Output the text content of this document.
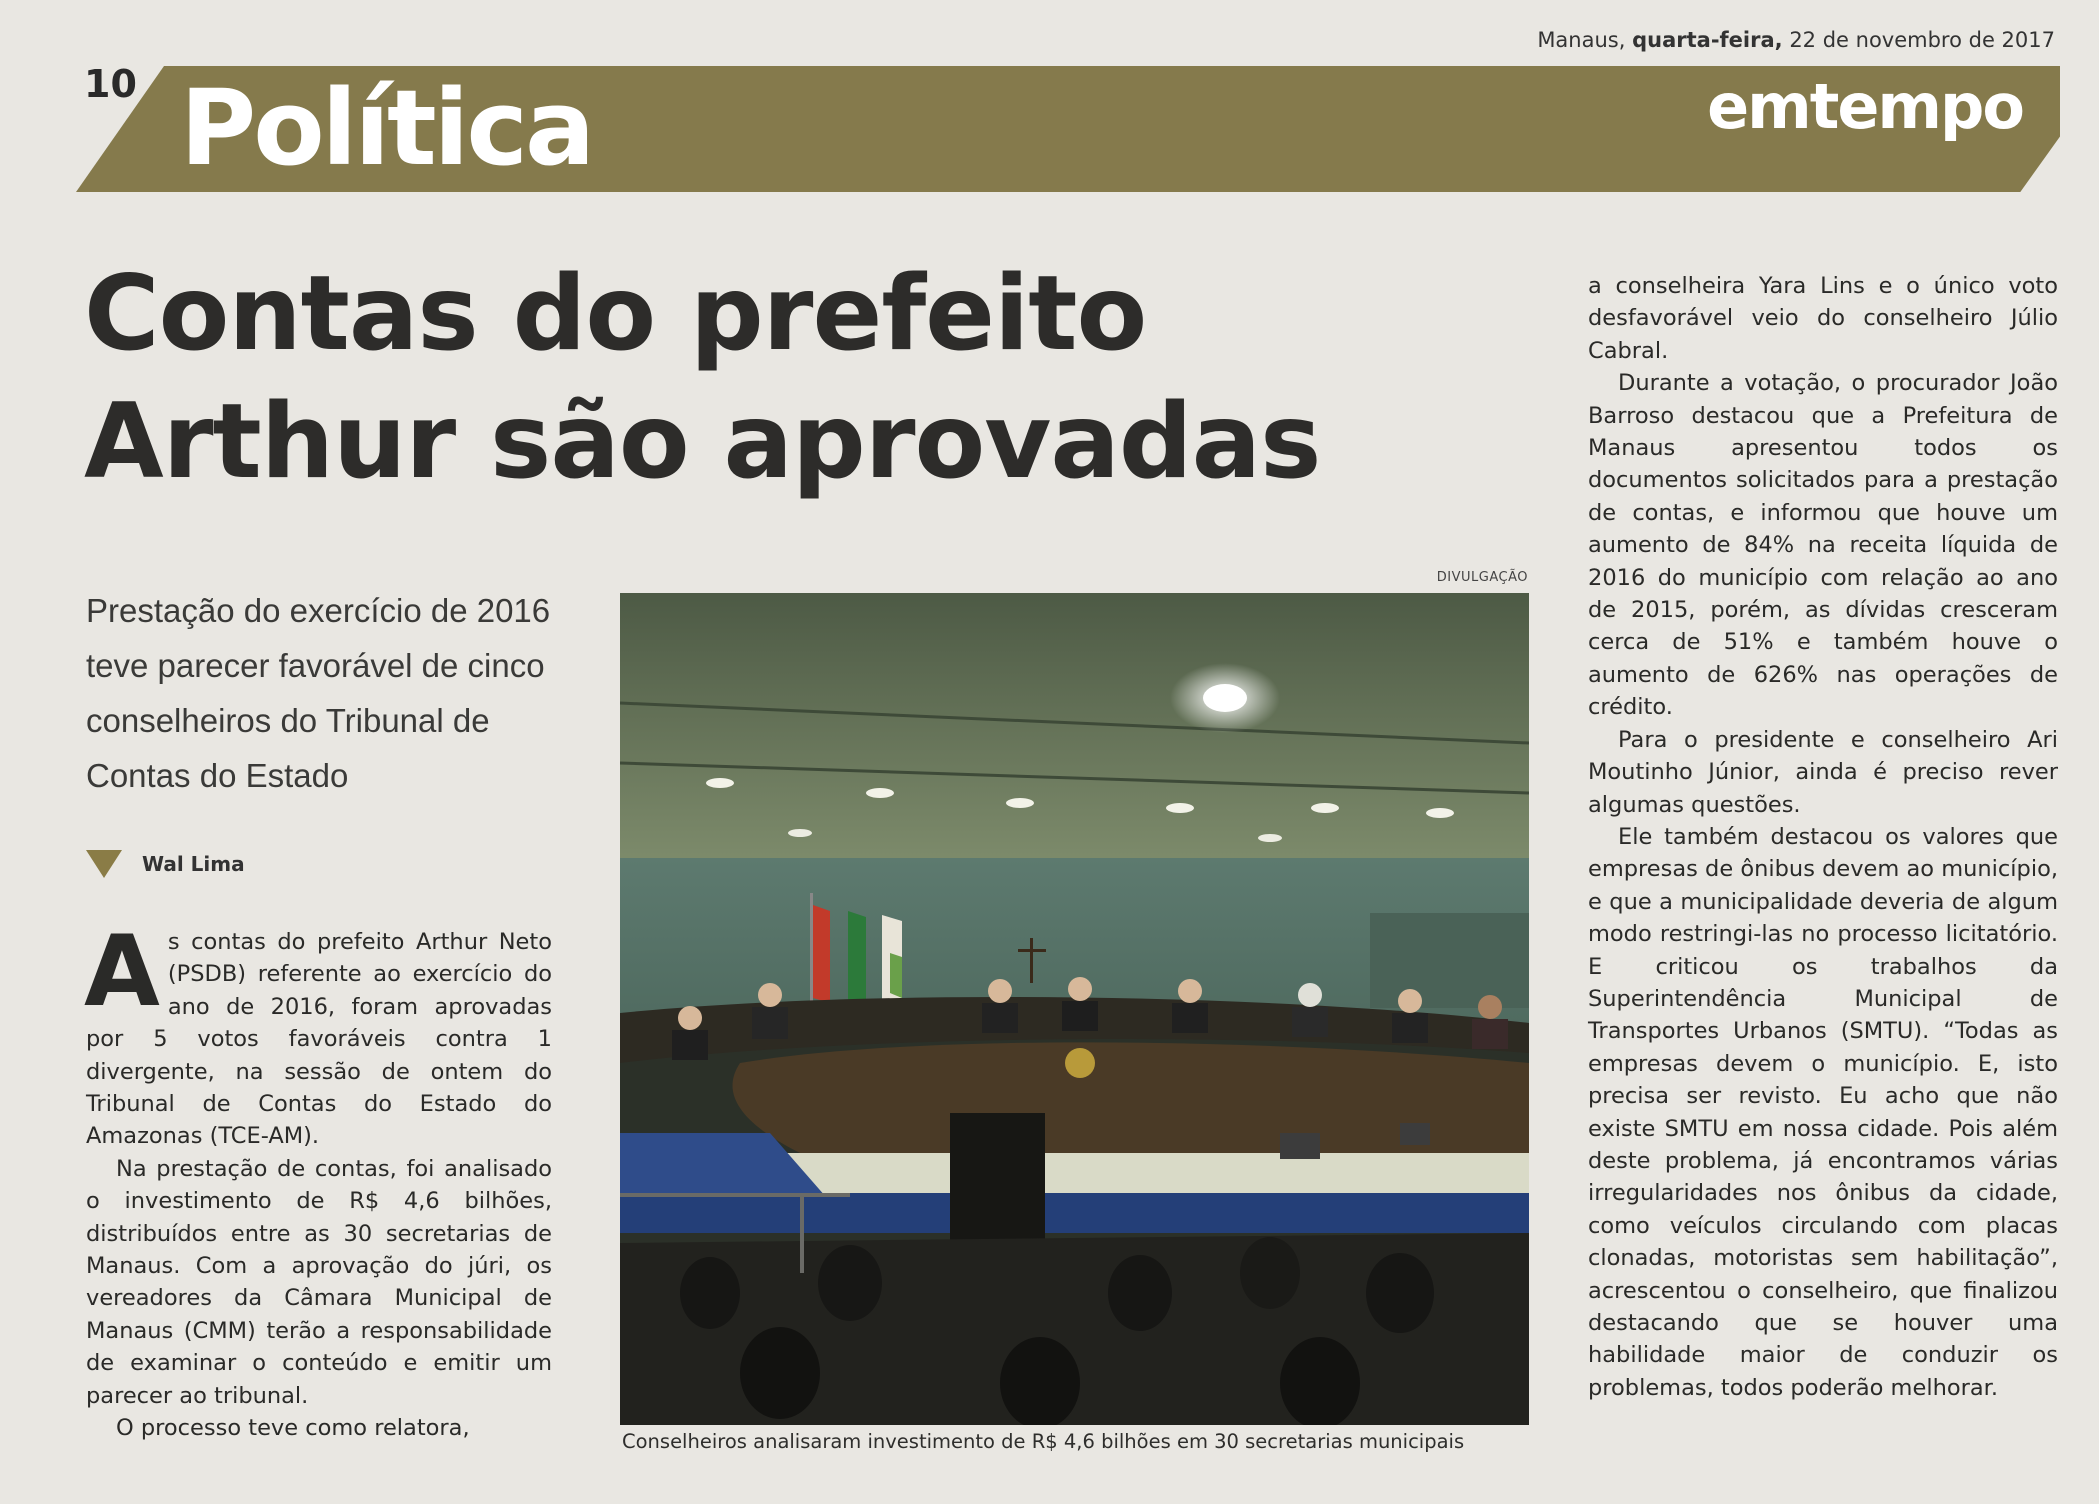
Manaus, quarta-feira, 22 de novembro de 2017
10 Política	emtempo
Contas do prefeito
Arthur são aprovadas
Prestação do exercício de 2016 teve parecer favorável de cinco conselheiros do Tribunal de Contas do Estado
Wal Lima

As contas do prefeito Arthur Neto (PSDB) referente ao exercício do ano de 2016, foram aprovadas por 5 votos favoráveis contra 1 divergente, na sessão de ontem do Tribunal de Contas do Estado do Amazonas (TCE-AM).

Na prestação de contas, foi analisado o investimento de R$ 4,6 bilhões, distribuídos entre as 30 secretarias de Manaus. Com a aprovação do júri, os vereadores da Câmara Municipal de Manaus (CMM) terão a responsabilidade de examinar o conteúdo e emitir um parecer ao tribunal.

O processo teve como relatora,

DIVULGAÇÃO
Conselheiros analisaram investimento de R$ 4,6 bilhões em 30 secretarias municipais

a conselheira Yara Lins e o único voto desfavorável veio do conselheiro Júlio Cabral.

Durante a votação, o procurador João Barroso destacou que a Prefeitura de Manaus apresentou todos os documentos solicitados para a prestação de contas, e informou que houve um aumento de 84% na receita líquida de 2016 do município com relação ao ano de 2015, porém, as dívidas cresceram cerca de 51% e também houve o aumento de 626% nas operações de crédito.

Para o presidente e conselheiro Ari Moutinho Júnior, ainda é preciso rever algumas questões.

Ele também destacou os valores que empresas de ônibus devem ao município, e que a municipalidade deveria de algum modo restringi-las no processo licitatório. E criticou os trabalhos da Superintendência Municipal de Transportes Urbanos (SMTU). “Todas as empresas devem o município. E, isto precisa ser revisto. Eu acho que não existe SMTU em nossa cidade. Pois além deste problema, já encontramos várias irregularidades nos ônibus da cidade, como veículos circulando com placas clonadas, motoristas sem habilitação”, acrescentou o conselheiro, que finalizou destacando que se houver uma habilidade maior de conduzir os problemas, todos poderão melhorar.
